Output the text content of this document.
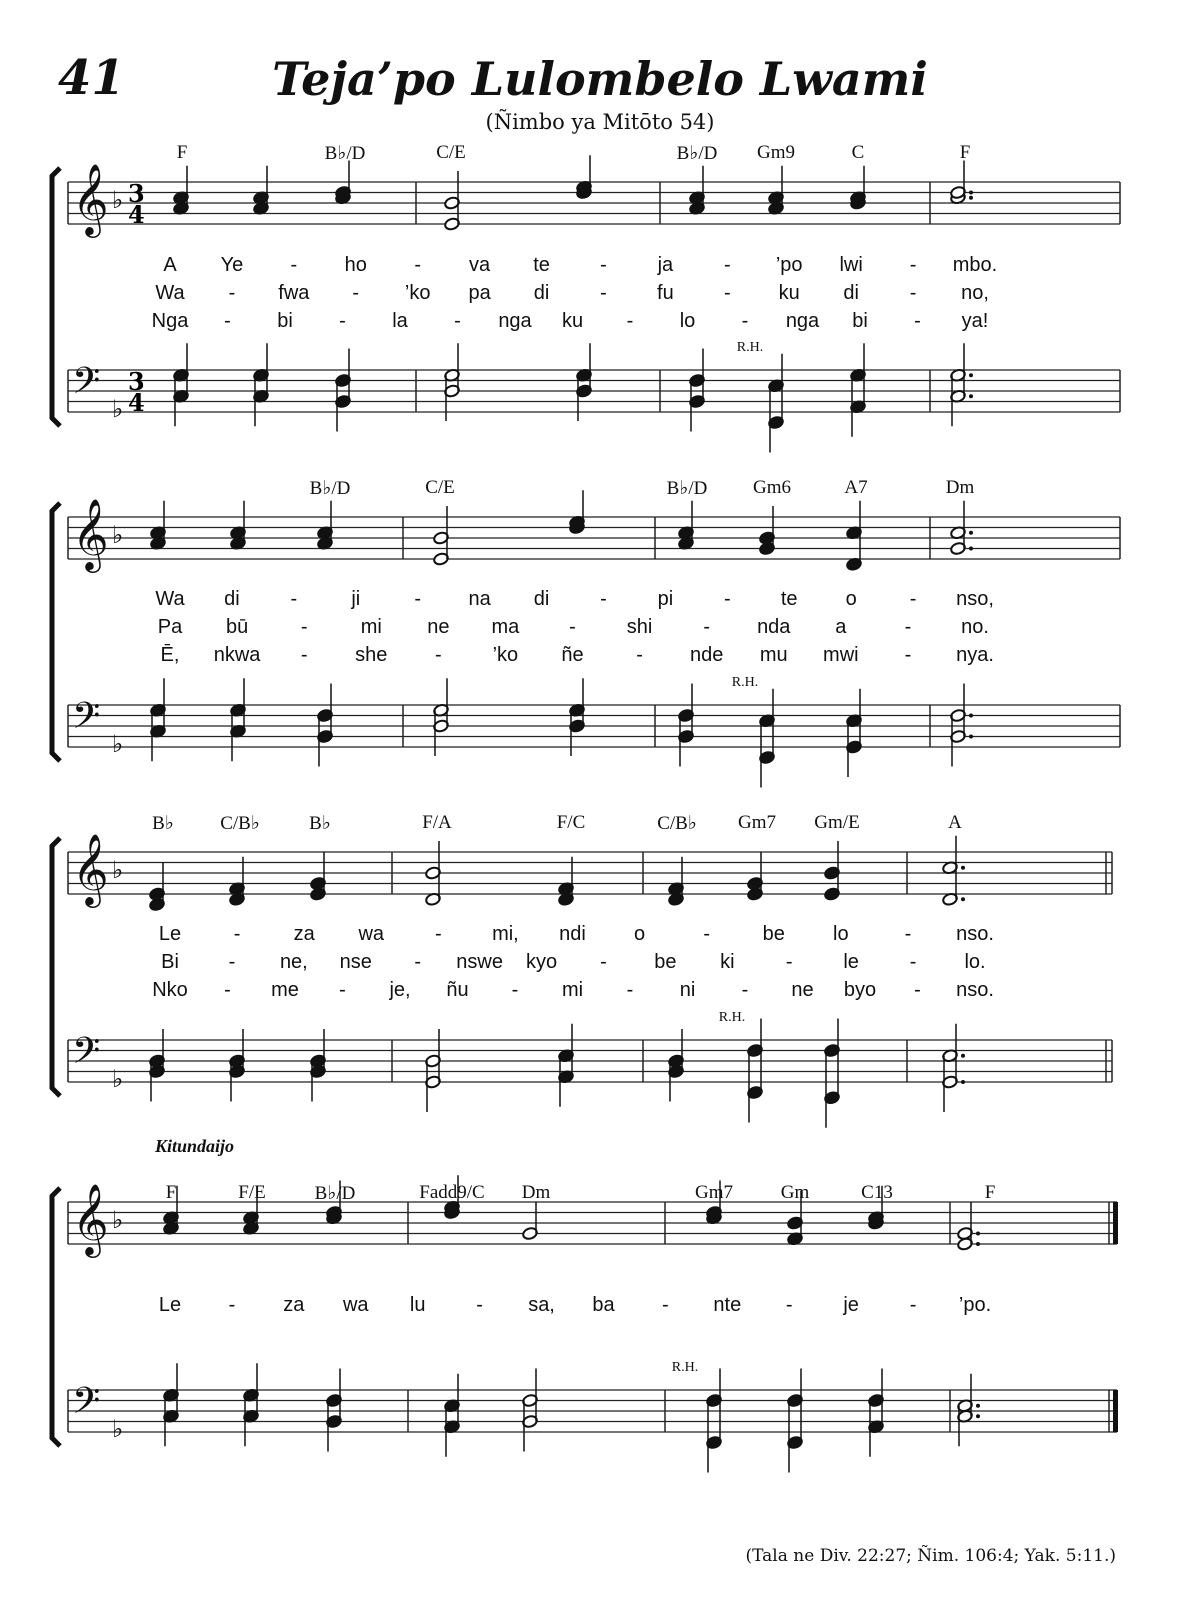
41	Teja’po Lulombelo Lwami
(Ñimbo ya Mitōto 54)
(Tala ne Div. 22:27; Ñim. 106:4; Yak. 5:11.)
𝄞 ♭ 3
4
𝄢 ♭
3
4
F	B♭/D	C/E	B♭/D Gm9	C	F
R.H.
A Ye - ho - va te	-	ja	- ’po lwi - mbo.
Wa - fwa - ’ko pa di	-	fu	- ku di	- no,
Nga - bi - la - nga ku - lo - nga bi - ya!
𝄞 ♭
𝄢 ♭
B♭/D	C/E	B♭/D Gm6	A7	Dm
R.H.
Wa di	-	ji	- na di	-	pi	-	te o	- nso,
Pa bū	-	mi ne ma -	shi	- nda a	- no.
Ē, nkwa - she -	’ko ñe	- nde mu mwi - nya.
𝄞 ♭
𝄢 ♭
B♭ C/B♭	B♭	F/A	F/C	C/B♭ Gm7 Gm/E	A
R.H.
Le	-	za wa	-	mi, ndi o	-	be lo	- nso.
Bi - ne, nse - nswe kyo - be ki	-	le	- lo.
Nko - me - je, ñu - mi - ni - ne byo - nso.
𝄞 ♭
𝄢 ♭
F	F/E	B♭/D	Fadd9/C Dm	Gm7	Gm	C13	F
Kitundaijo
R.H.
Le - za wa lu	- sa, ba - nte -	je	- ’po.
